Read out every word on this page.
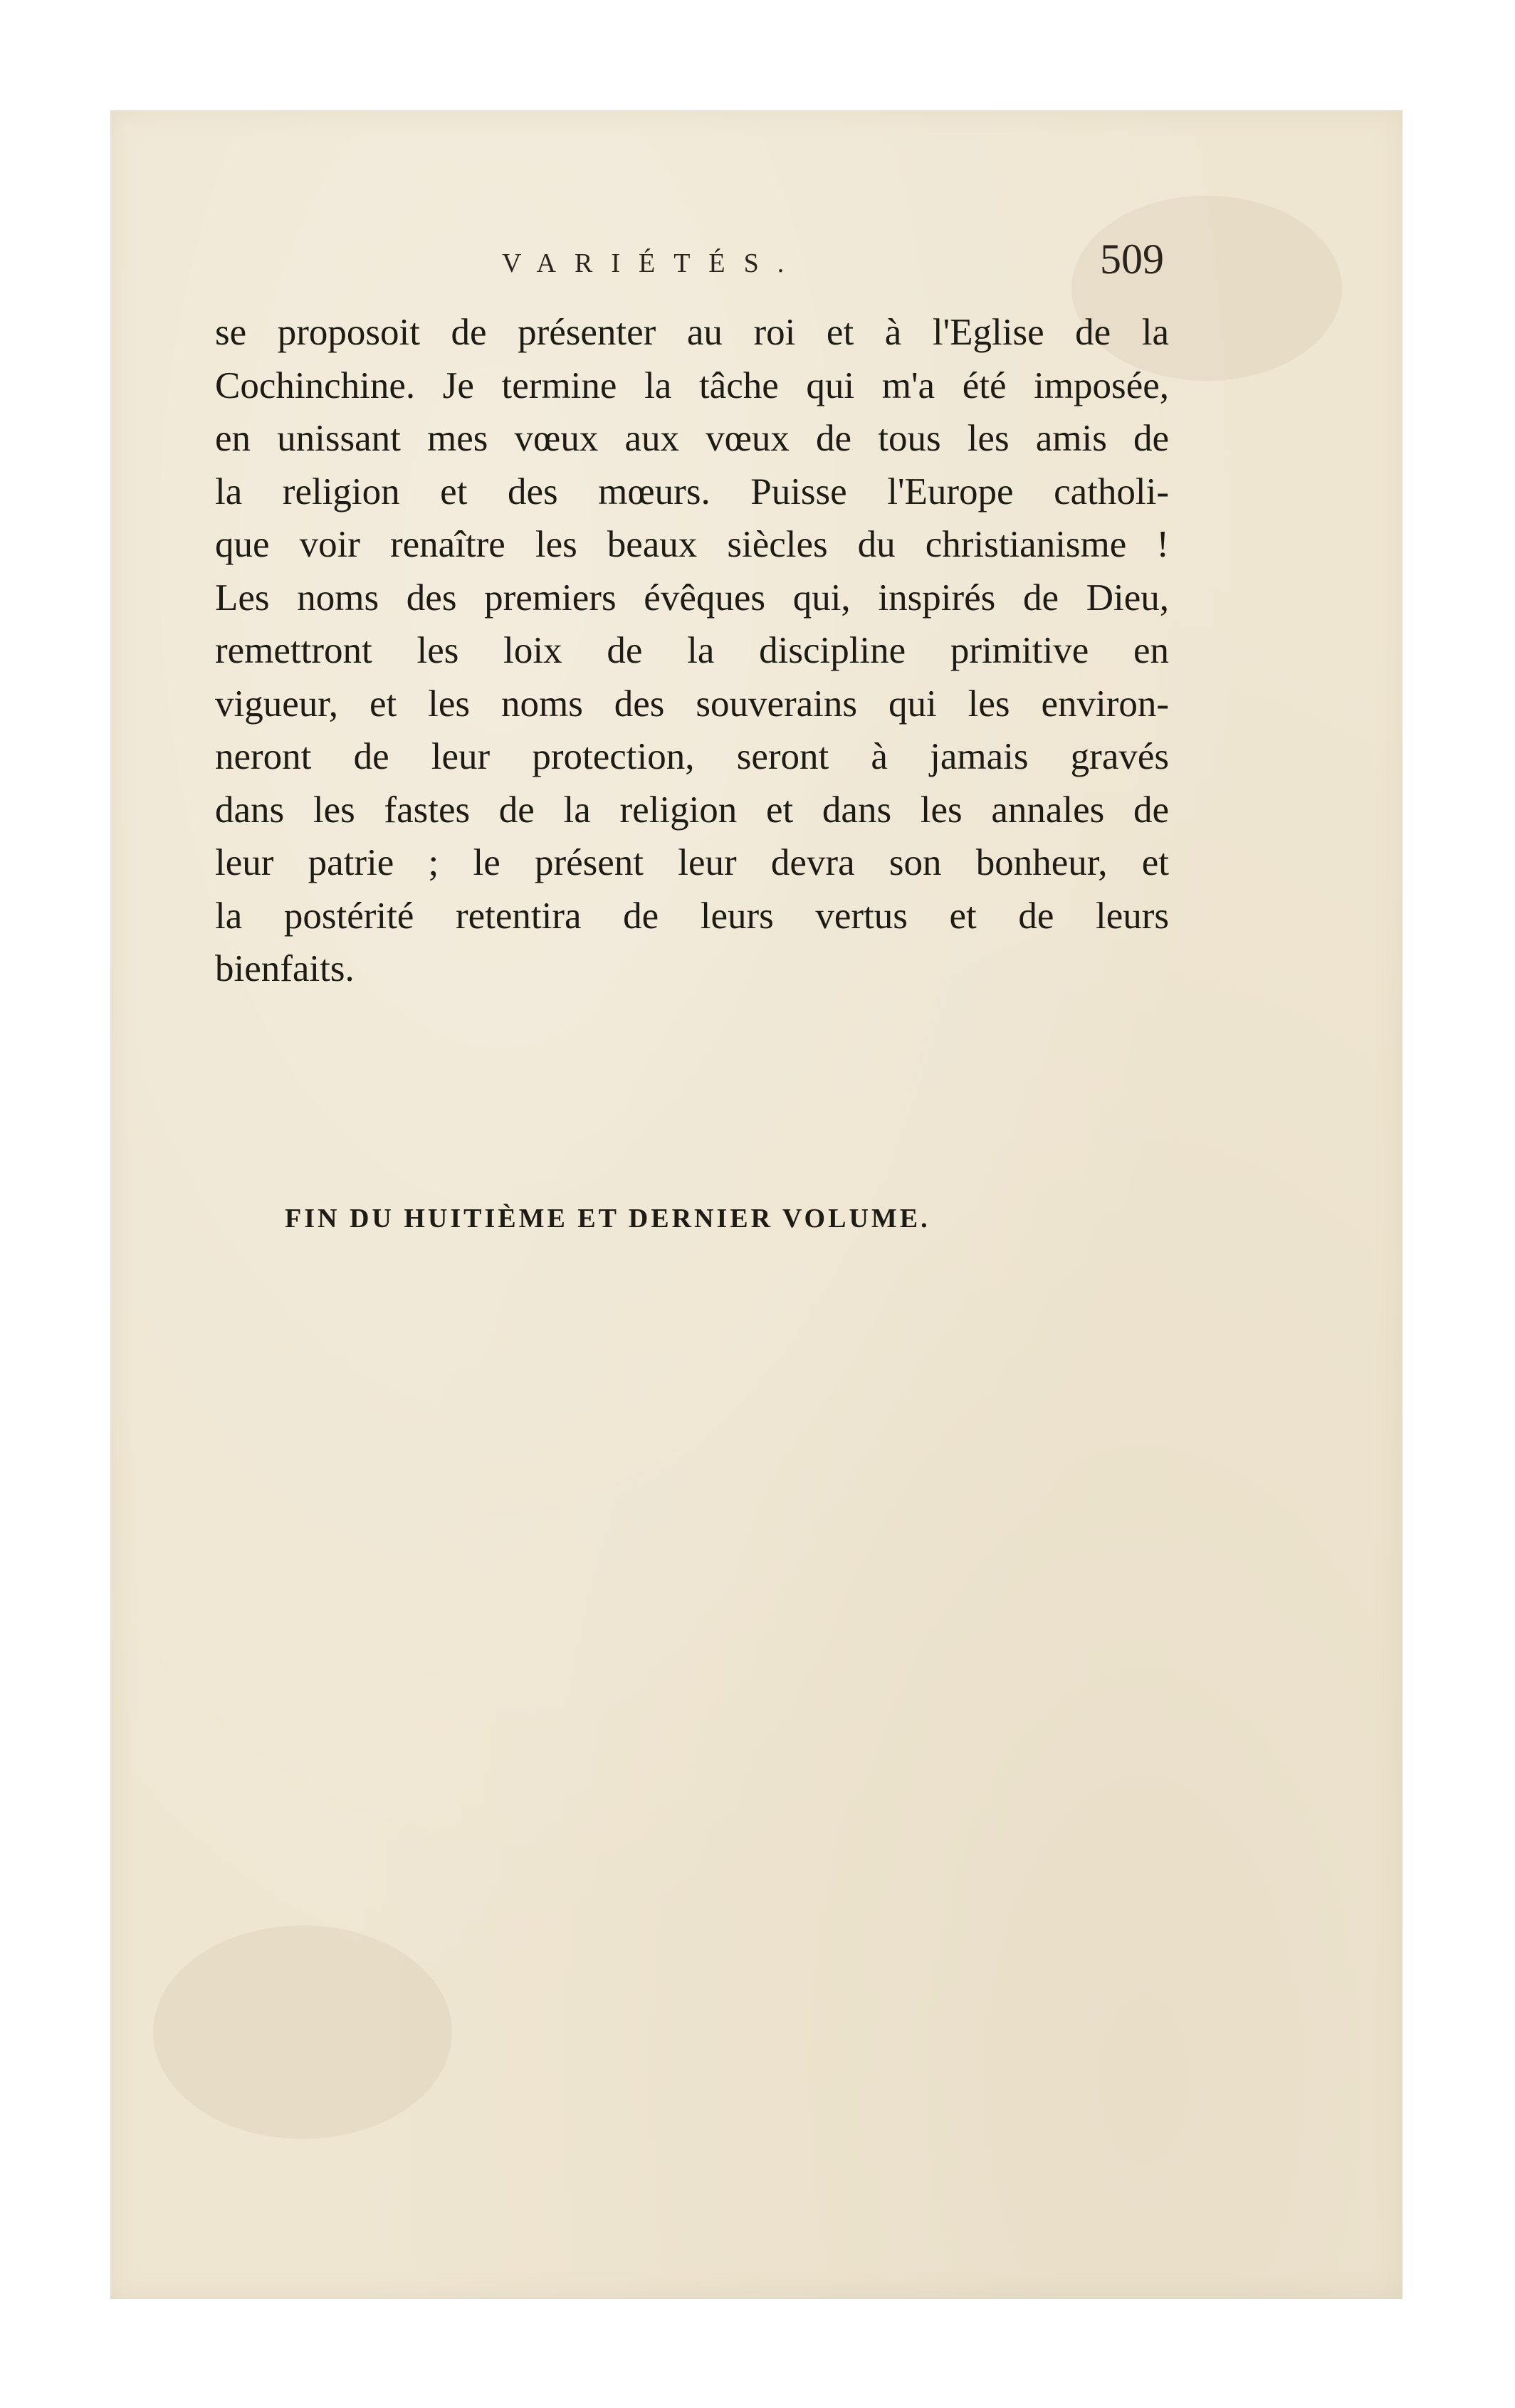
VARIÉTÉS.	509
se proposoit de présenter au roi et à l'Eglise de la
Cochinchine. Je termine la tâche qui m'a été imposée,
en unissant mes vœux aux vœux de tous les amis de
la religion et des mœurs. Puisse l'Europe catholi-
que voir renaître les beaux siècles du christianisme !
Les noms des premiers évêques qui, inspirés de Dieu,
remettront les loix de la discipline primitive en
vigueur, et les noms des souverains qui les environ-
neront de leur protection, seront à jamais gravés
dans les fastes de la religion et dans les annales de
leur patrie ; le présent leur devra son bonheur, et
la postérité retentira de leurs vertus et de leurs
bienfaits.
FIN DU HUITIÈME ET DERNIER VOLUME.
